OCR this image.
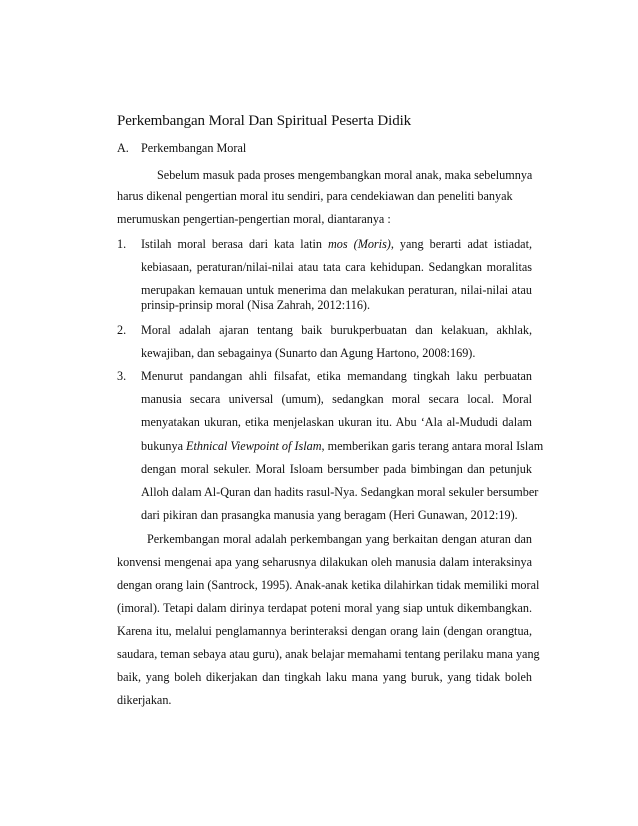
Perkembangan Moral Dan Spiritual Peserta Didik
A. Perkembangan Moral
Sebelum masuk pada proses mengembangkan moral anak, maka sebelumnya
harus dikenal pengertian moral itu sendiri, para cendekiawan dan peneliti banyak
merumuskan pengertian-pengertian moral, diantaranya :
1. Istilah moral berasa dari kata latin mos (Moris), yang berarti adat istiadat,
kebiasaan, peraturan/nilai-nilai atau tata cara kehidupan. Sedangkan moralitas
merupakan kemauan untuk menerima dan melakukan peraturan, nilai-nilai atau
prinsip-prinsip moral (Nisa Zahrah, 2012:116).
2. Moral adalah ajaran tentang baik burukperbuatan dan kelakuan, akhlak,
kewajiban, dan sebagainya (Sunarto dan Agung Hartono, 2008:169).
3. Menurut pandangan ahli filsafat, etika memandang tingkah laku perbuatan
manusia secara universal (umum), sedangkan moral secara local. Moral
menyatakan ukuran, etika menjelaskan ukuran itu. Abu ‘Ala al-Mududi dalam
bukunya Ethnical Viewpoint of Islam, memberikan garis terang antara moral Islam
dengan moral sekuler. Moral Isloam bersumber pada bimbingan dan petunjuk
Alloh dalam Al-Quran dan hadits rasul-Nya. Sedangkan moral sekuler bersumber
dari pikiran dan prasangka manusia yang beragam (Heri Gunawan, 2012:19).
Perkembangan moral adalah perkembangan yang berkaitan dengan aturan dan
konvensi mengenai apa yang seharusnya dilakukan oleh manusia dalam interaksinya
dengan orang lain (Santrock, 1995). Anak-anak ketika dilahirkan tidak memiliki moral
(imoral). Tetapi dalam dirinya terdapat poteni moral yang siap untuk dikembangkan.
Karena itu, melalui penglamannya berinteraksi dengan orang lain (dengan orangtua,
saudara, teman sebaya atau guru), anak belajar memahami tentang perilaku mana yang
baik, yang boleh dikerjakan dan tingkah laku mana yang buruk, yang tidak boleh
dikerjakan.
